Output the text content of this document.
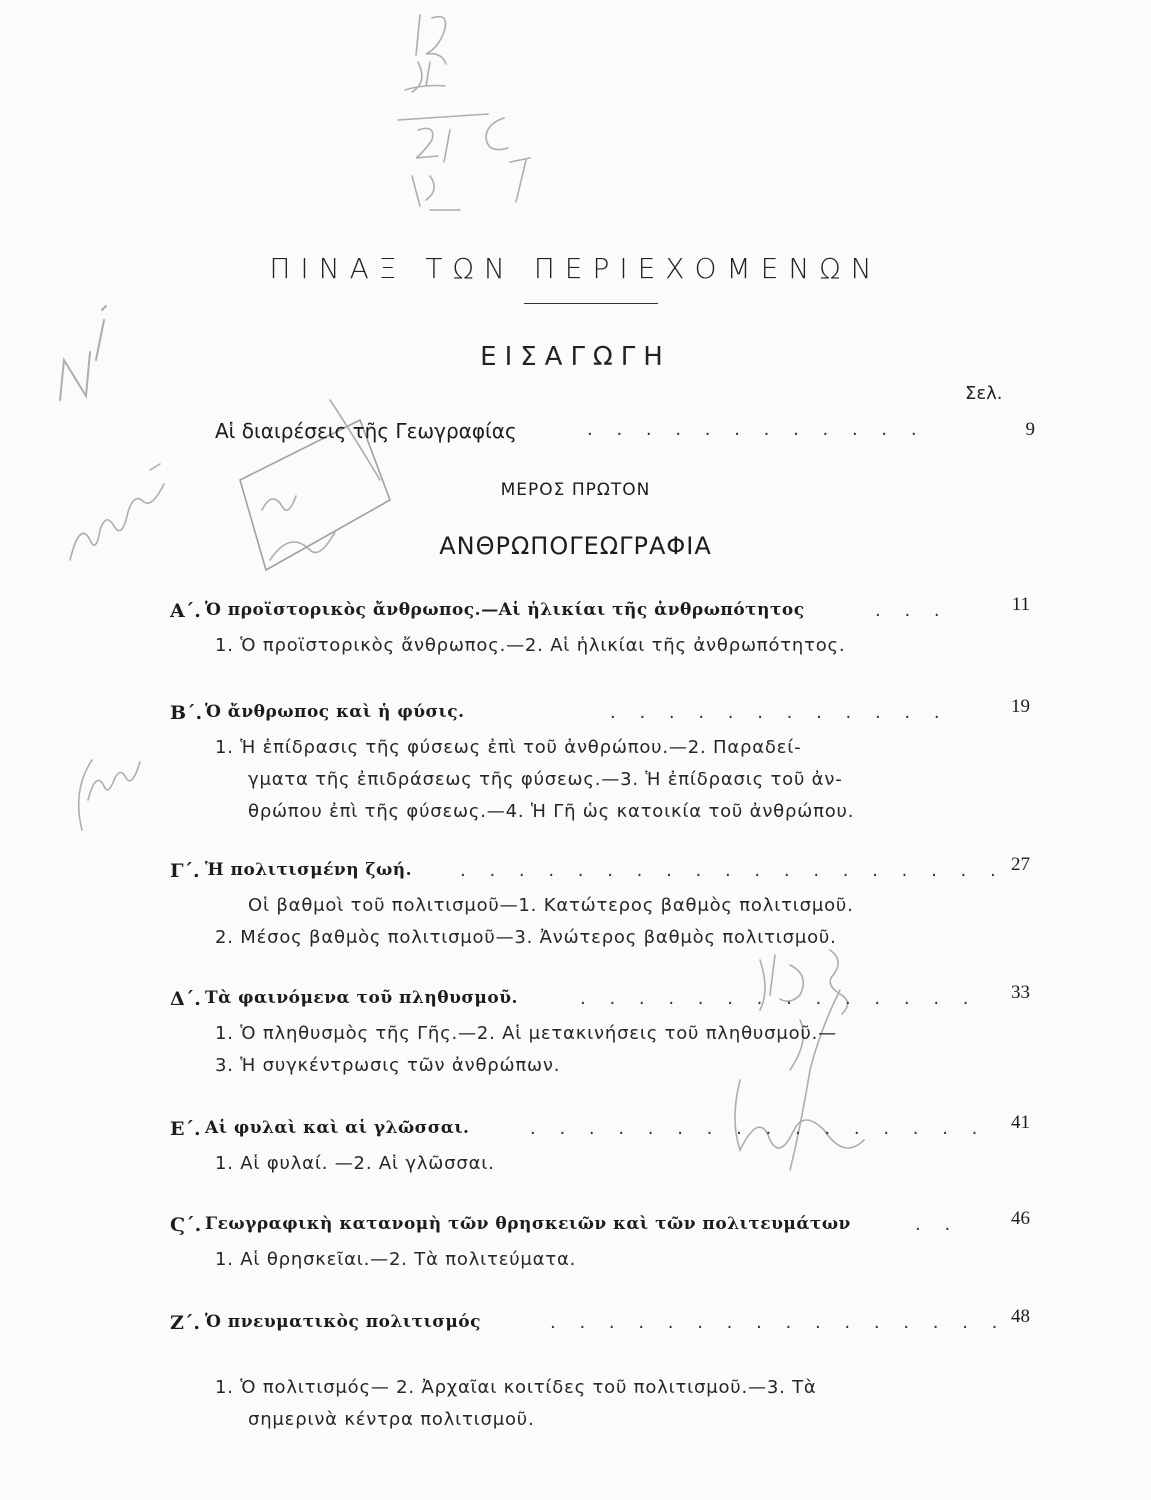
ΠΙΝΑΞ ΤΩΝ ΠΕΡΙΕΧΟΜΕΝΩΝ
ΕΙΣΑΓΩΓΗ
Σελ.
Αἱ διαιρέσεις τῆς Γεωγραφίας	. . . . . . . . . . . .	9
ΜΕΡΟΣ ΠΡΩΤΟΝ
ΑΝΘΡΩΠΟΓΕΩΓΡΑΦΙΑ
Α΄. Ὁ προϊστορικὸς ἄνθρωπος.—Αἱ ἡλικίαι τῆς ἀνθρωπότητος	. . .	11
1. Ὁ προϊστορικὸς ἄνθρωπος.—2. Αἱ ἡλικίαι τῆς ἀνθρωπότητος.
Β΄. Ὁ ἄνθρωπος καὶ ἡ φύσις.	. . . . . . . . . . . .	19
1. Ἡ ἐπίδρασις τῆς φύσεως ἐπὶ τοῦ ἀνθρώπου.—2. Παραδεί-
γματα τῆς ἐπιδράσεως τῆς φύσεως.—3. Ἡ ἐπίδρασις τοῦ ἀν-
θρώπου ἐπὶ τῆς φύσεως.—4. Ἡ Γῆ ὡς κατοικία τοῦ ἀνθρώπου.
Γ΄. Ἡ πολιτισμένη ζωή.	. . . . . . . . . . . . . . . . . . . 27
Οἱ βαθμοὶ τοῦ πολιτισμοῦ—1. Κατώτερος βαθμὸς πολιτισμοῦ.
2. Μέσος βαθμὸς πολιτισμοῦ—3. Ἀνώτερος βαθμὸς πολιτισμοῦ.
Δ΄. Τὰ φαινόμενα τοῦ πληθυσμοῦ.	. . . . . . . . . . . . . . 33
1. Ὁ πληθυσμὸς τῆς Γῆς.—2. Αἱ μετακινήσεις τοῦ πληθυσμοῦ.—
3. Ἡ συγκέντρωσις τῶν ἀνθρώπων.
Ε΄. Αἱ φυλαὶ καὶ αἱ γλῶσσαι.	. . . . . . . . . . . . . . . . 41
1. Αἱ φυλαί. —2. Αἱ γλῶσσαι.
Ϛ΄. Γεωγραφικὴ κατανομὴ τῶν θρησκειῶν καὶ τῶν πολιτευμάτων	. .	46
1. Αἱ θρησκεῖαι.—2. Τὰ πολιτεύματα.
Ζ΄. Ὁ πνευματικὸς πολιτισμός	. . . . . . . . . . . . . . . . 48
1. Ὁ πολιτισμός— 2. Ἀρχαῖαι κοιτίδες τοῦ πολιτισμοῦ.—3. Τὰ
σημερινὰ κέντρα πολιτισμοῦ.
